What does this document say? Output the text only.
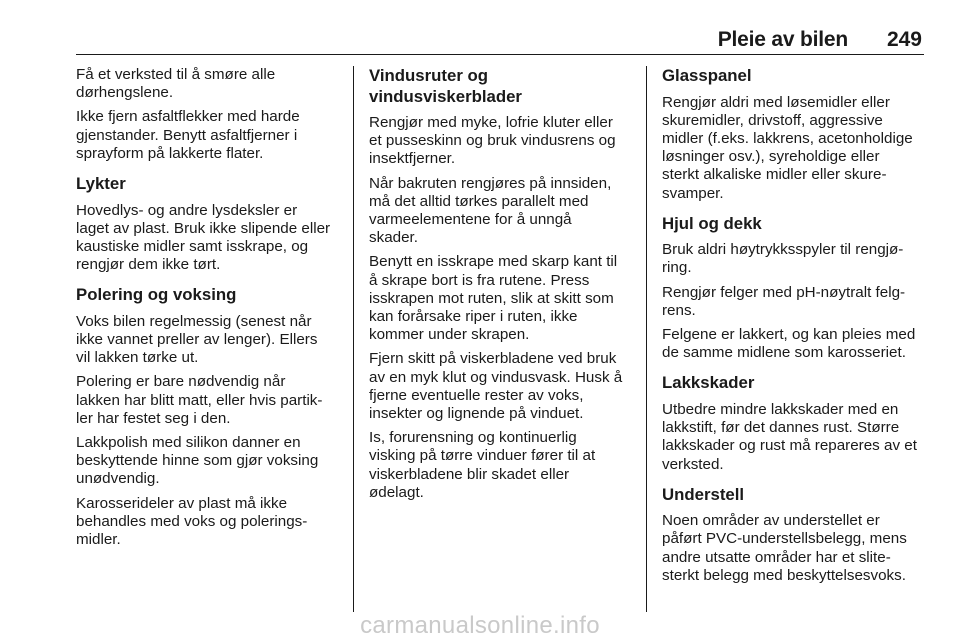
Pleie av bilen 249

Få et verksted til å smøre alle
dørhengslene.

Ikke fjern asfaltflekker med harde
gjenstander. Benytt asfaltfjerner i
sprayform på lakkerte flater.

Lykter

Hovedlys- og andre lysdeksler er
laget av plast. Bruk ikke slipende eller
kaustiske midler samt isskrape, og
rengjør dem ikke tørt.

Polering og voksing

Voks bilen regelmessig (senest når
ikke vannet preller av lenger). Ellers
vil lakken tørke ut.

Polering er bare nødvendig når
lakken har blitt matt, eller hvis partik‐
ler har festet seg i den.

Lakkpolish med silikon danner en
beskyttende hinne som gjør voksing
unødvendig.

Karosserideler av plast må ikke
behandles med voks og polerings‐
midler.

Vindusruter og
vindusviskerblader

Rengjør med myke, lofrie kluter eller
et pusseskinn og bruk vindusrens og
insektfjerner.

Når bakruten rengjøres på innsiden,
må det alltid tørkes parallelt med
varmeelementene for å unngå
skader.

Benytt en isskrape med skarp kant til
å skrape bort is fra rutene. Press
isskrapen mot ruten, slik at skitt som
kan forårsake riper i ruten, ikke
kommer under skrapen.

Fjern skitt på viskerbladene ved bruk
av en myk klut og vindusvask. Husk å
fjerne eventuelle rester av voks,
insekter og lignende på vinduet.

Is, forurensning og kontinuerlig
visking på tørre vinduer fører til at
viskerbladene blir skadet eller
ødelagt.

Glasspanel

Rengjør aldri med løsemidler eller
skuremidler, drivstoff, aggressive
midler (f.eks. lakkrens, acetonholdige
løsninger osv.), syreholdige eller
sterkt alkaliske midler eller skure‐
svamper.

Hjul og dekk

Bruk aldri høytrykksspyler til rengjø‐
ring.

Rengjør felger med pH-nøytralt felg‐
rens.

Felgene er lakkert, og kan pleies med
de samme midlene som karosseriet.

Lakkskader

Utbedre mindre lakkskader med en
lakkstift, før det dannes rust. Større
lakkskader og rust må repareres av et
verksted.

Understell

Noen områder av understellet er
påført PVC-understellsbelegg, mens
andre utsatte områder har et slite‐
sterkt belegg med beskyttelsesvoks.

carmanualsonline.info
